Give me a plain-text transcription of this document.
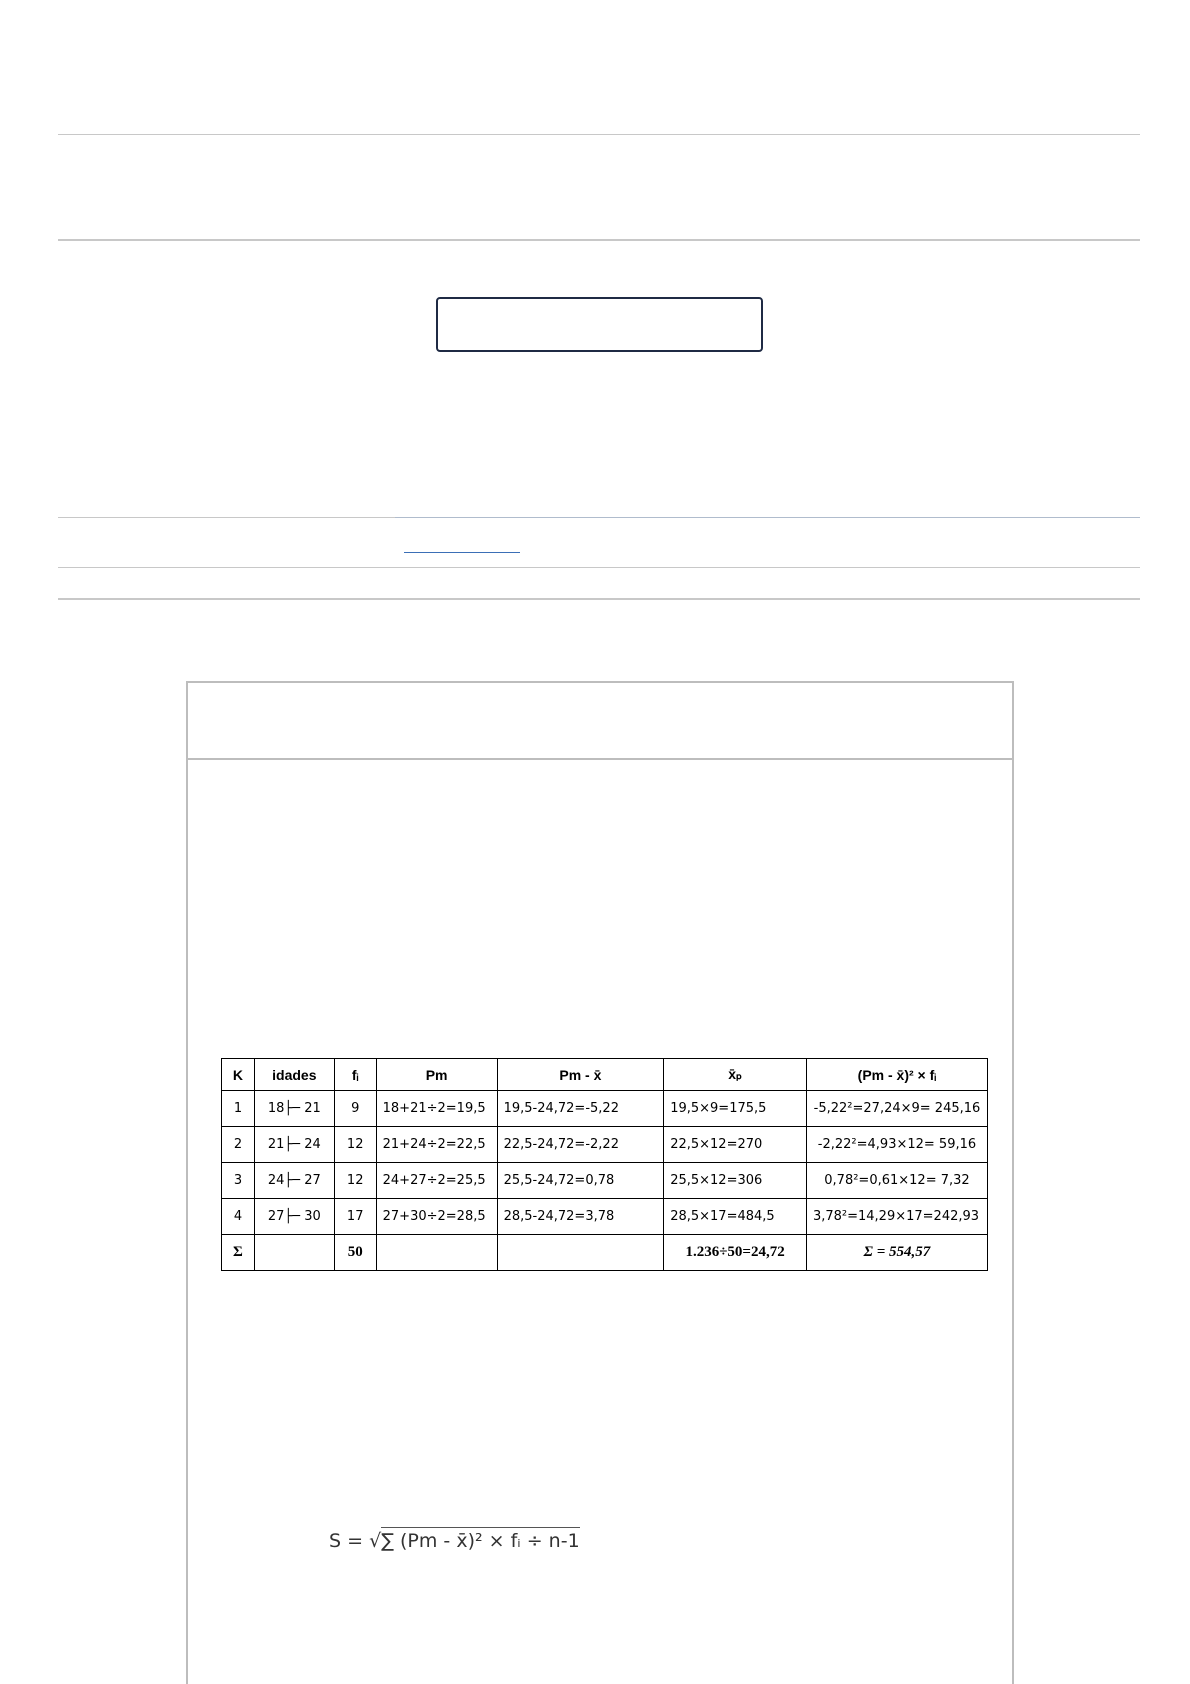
K	idades	fᵢ	Pm	Pm - x̄	x̄ₚ	(Pm - x̄)² × fᵢ
1	18├─ 21	9	18+21÷2=19,5	19,5-24,72=-5,22	19,5×9=175,5	-5,22²=27,24×9= 245,16
2	21├─ 24	12	21+24÷2=22,5	22,5-24,72=-2,22	22,5×12=270	-2,22²=4,93×12= 59,16
3	24├─ 27	12	24+27÷2=25,5	25,5-24,72=0,78	25,5×12=306	0,78²=0,61×12= 7,32
4	27├─ 30	17	27+30÷2=28,5	28,5-24,72=3,78	28,5×17=484,5	3,78²=14,29×17=242,93
Σ		50			1.236÷50=24,72	Σ = 554,57
S = √∑ (Pm - x̄)² × fᵢ ÷ n-1
